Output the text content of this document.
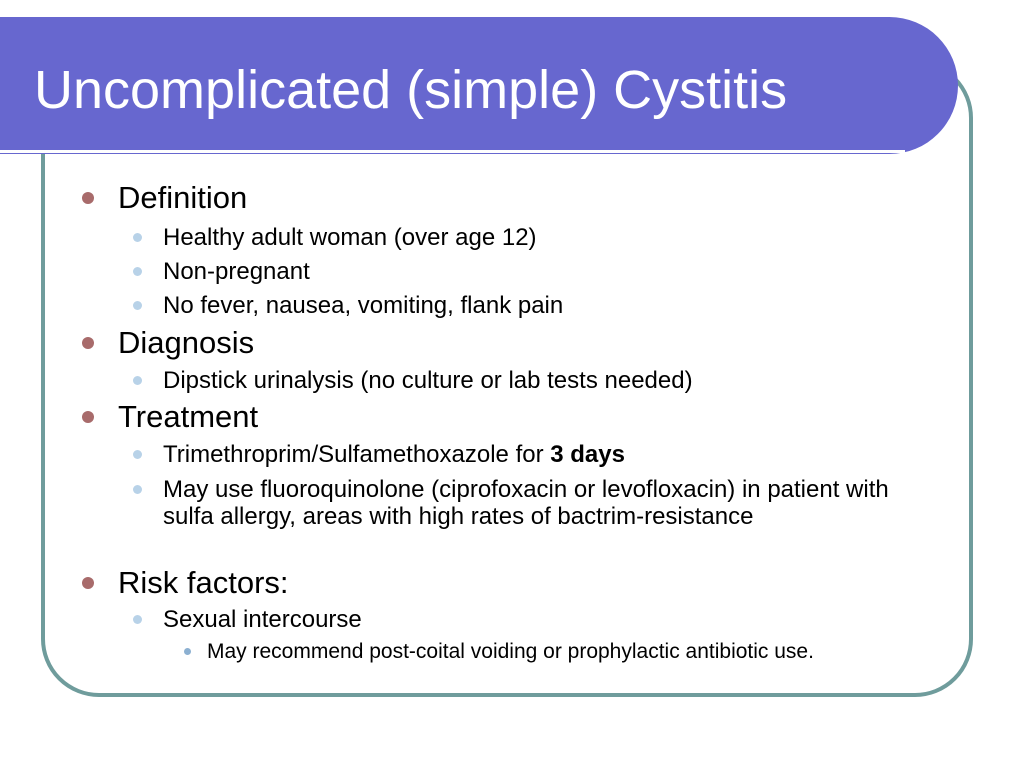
Uncomplicated (simple) Cystitis
Definition
Healthy adult woman (over age 12)
Non-pregnant
No fever, nausea, vomiting, flank pain
Diagnosis
Dipstick urinalysis (no culture or lab tests needed)
Treatment
Trimethroprim/Sulfamethoxazole for 3 days
May use fluoroquinolone (ciprofoxacin or levofloxacin) in patient with sulfa allergy, areas with high rates of bactrim-resistance
Risk factors:
Sexual intercourse
May recommend post-coital voiding or prophylactic antibiotic use.
